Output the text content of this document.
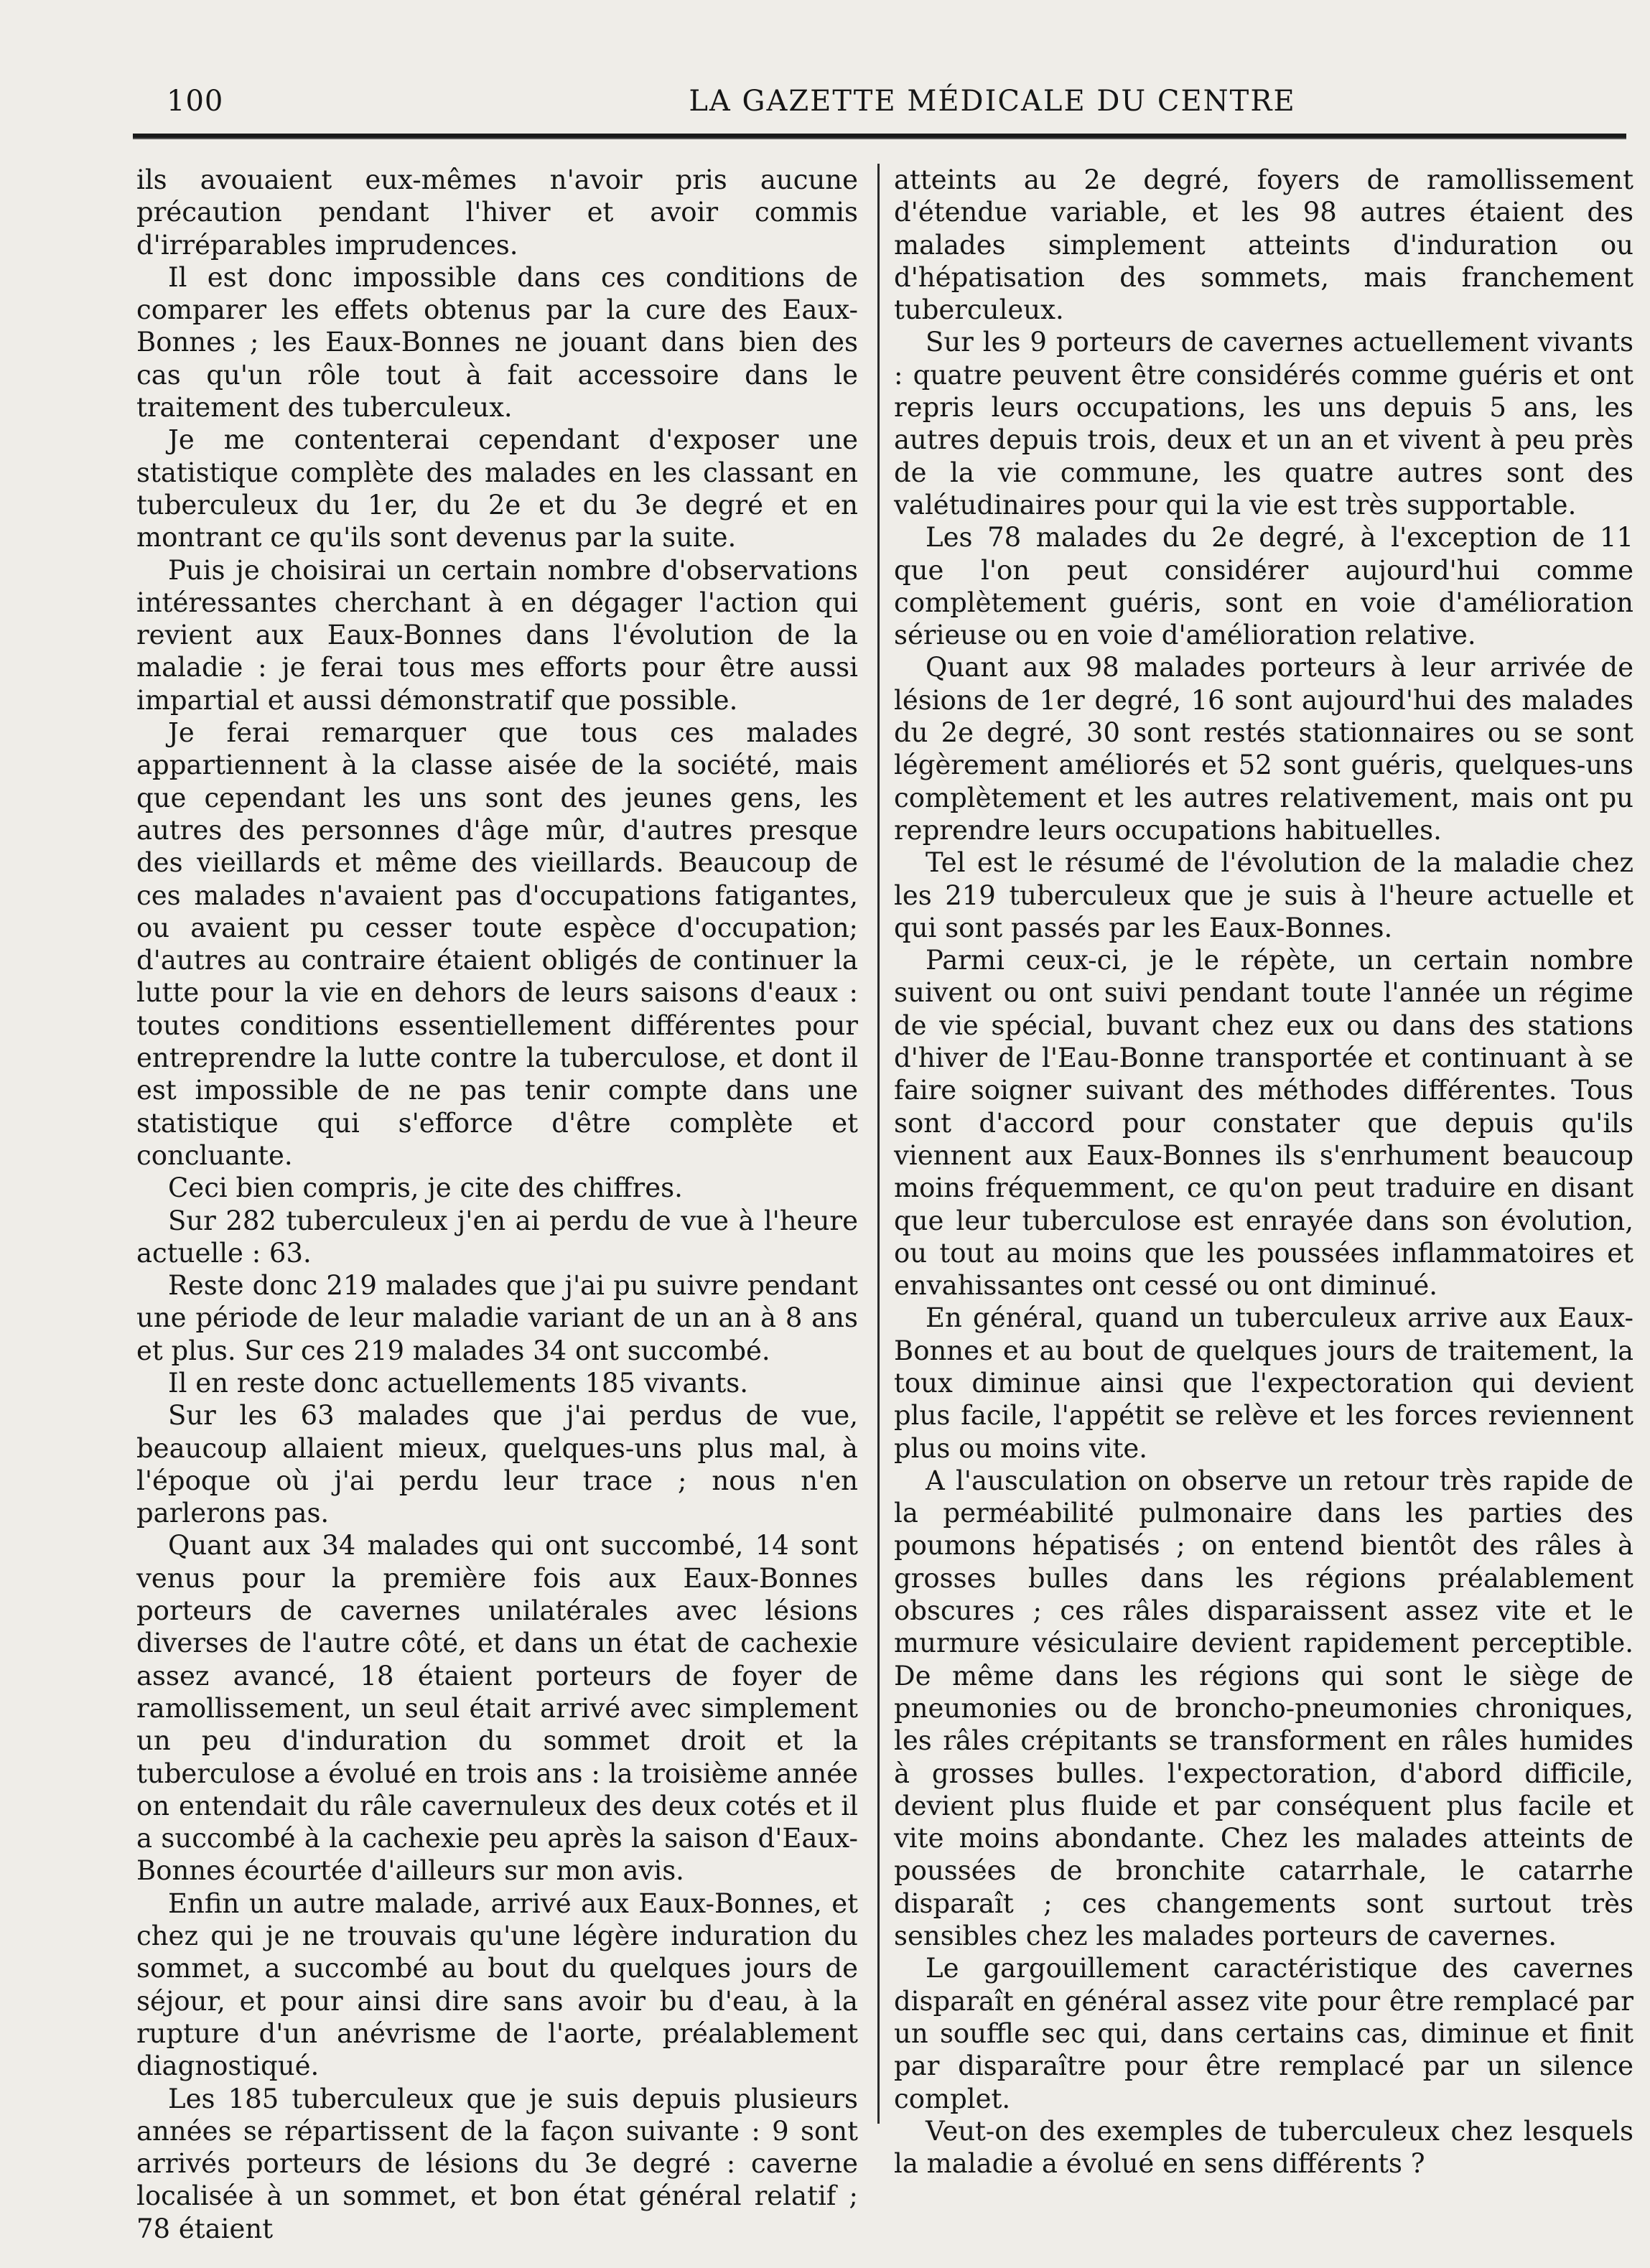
100	LA GAZETTE MÉDICALE DU CENTRE

ils avouaient eux-mêmes n'avoir pris aucune précaution pendant l'hiver et avoir commis d'irréparables imprudences.

Il est donc impossible dans ces conditions de comparer les effets obtenus par la cure des Eaux-Bonnes ; les Eaux-Bonnes ne jouant dans bien des cas qu'un rôle tout à fait accessoire dans le traitement des tuberculeux.

Je me contenterai cependant d'exposer une statistique complète des malades en les classant en tuberculeux du 1er, du 2e et du 3e degré et en montrant ce qu'ils sont devenus par la suite.

Puis je choisirai un certain nombre d'observations intéressantes cherchant à en dégager l'action qui revient aux Eaux-Bonnes dans l'évolution de la maladie : je ferai tous mes efforts pour être aussi impartial et aussi démonstratif que possible.

Je ferai remarquer que tous ces malades appartiennent à la classe aisée de la société, mais que cependant les uns sont des jeunes gens, les autres des personnes d'âge mûr, d'autres presque des vieillards et même des vieillards. Beaucoup de ces malades n'avaient pas d'occupations fatigantes, ou avaient pu cesser toute espèce d'occupation; d'autres au contraire étaient obligés de continuer la lutte pour la vie en dehors de leurs saisons d'eaux : toutes conditions essentiellement différentes pour entreprendre la lutte contre la tuberculose, et dont il est impossible de ne pas tenir compte dans une statistique qui s'efforce d'être complète et concluante.

Ceci bien compris, je cite des chiffres.

Sur 282 tuberculeux j'en ai perdu de vue à l'heure actuelle : 63.

Reste donc 219 malades que j'ai pu suivre pendant une période de leur maladie variant de un an à 8 ans et plus. Sur ces 219 malades 34 ont succombé.

Il en reste donc actuellements 185 vivants.

Sur les 63 malades que j'ai perdus de vue, beaucoup allaient mieux, quelques-uns plus mal, à l'époque où j'ai perdu leur trace ; nous n'en parlerons pas.

Quant aux 34 malades qui ont succombé, 14 sont venus pour la première fois aux Eaux-Bonnes porteurs de cavernes unilatérales avec lésions diverses de l'autre côté, et dans un état de cachexie assez avancé, 18 étaient porteurs de foyer de ramollissement, un seul était arrivé avec simplement un peu d'induration du sommet droit et la tuberculose a évolué en trois ans : la troisième année on entendait du râle cavernuleux des deux cotés et il a succombé à la cachexie peu après la saison d'Eaux-Bonnes écourtée d'ailleurs sur mon avis.

Enfin un autre malade, arrivé aux Eaux-Bonnes, et chez qui je ne trouvais qu'une légère induration du sommet, a succombé au bout du quelques jours de séjour, et pour ainsi dire sans avoir bu d'eau, à la rupture d'un anévrisme de l'aorte, préalablement diagnostiqué.

Les 185 tuberculeux que je suis depuis plusieurs années se répartissent de la façon suivante : 9 sont arrivés porteurs de lésions du 3e degré : caverne localisée à un sommet, et bon état général relatif ; 78 étaient

atteints au 2e degré, foyers de ramollissement d'étendue variable, et les 98 autres étaient des malades simplement atteints d'induration ou d'hépatisation des sommets, mais franchement tuberculeux.

Sur les 9 porteurs de cavernes actuellement vivants : quatre peuvent être considérés comme guéris et ont repris leurs occupations, les uns depuis 5 ans, les autres depuis trois, deux et un an et vivent à peu près de la vie commune, les quatre autres sont des valétudinaires pour qui la vie est très supportable.

Les 78 malades du 2e degré, à l'exception de 11 que l'on peut considérer aujourd'hui comme complètement guéris, sont en voie d'amélioration sérieuse ou en voie d'amélioration relative.

Quant aux 98 malades porteurs à leur arrivée de lésions de 1er degré, 16 sont aujourd'hui des malades du 2e degré, 30 sont restés stationnaires ou se sont légèrement améliorés et 52 sont guéris, quelques-uns complètement et les autres relativement, mais ont pu reprendre leurs occupations habituelles.

Tel est le résumé de l'évolution de la maladie chez les 219 tuberculeux que je suis à l'heure actuelle et qui sont passés par les Eaux-Bonnes.

Parmi ceux-ci, je le répète, un certain nombre suivent ou ont suivi pendant toute l'année un régime de vie spécial, buvant chez eux ou dans des stations d'hiver de l'Eau-Bonne transportée et continuant à se faire soigner suivant des méthodes différentes. Tous sont d'accord pour constater que depuis qu'ils viennent aux Eaux-Bonnes ils s'enrhument beaucoup moins fréquemment, ce qu'on peut traduire en disant que leur tuberculose est enrayée dans son évolution, ou tout au moins que les poussées inflammatoires et envahissantes ont cessé ou ont diminué.

En général, quand un tuberculeux arrive aux Eaux-Bonnes et au bout de quelques jours de traitement, la toux diminue ainsi que l'expectoration qui devient plus facile, l'appétit se relève et les forces reviennent plus ou moins vite.

A l'ausculation on observe un retour très rapide de la perméabilité pulmonaire dans les parties des poumons hépatisés ; on entend bientôt des râles à grosses bulles dans les régions préalablement obscures ; ces râles disparaissent assez vite et le murmure vésiculaire devient rapidement perceptible. De même dans les régions qui sont le siège de pneumonies ou de broncho-pneumonies chroniques, les râles crépitants se transforment en râles humides à grosses bulles. l'expectoration, d'abord difficile, devient plus fluide et par conséquent plus facile et vite moins abondante. Chez les malades atteints de poussées de bronchite catarrhale, le catarrhe disparaît ; ces changements sont surtout très sensibles chez les malades porteurs de cavernes.

Le gargouillement caractéristique des cavernes disparaît en général assez vite pour être remplacé par un souffle sec qui, dans certains cas, diminue et finit par disparaître pour être remplacé par un silence complet.

Veut-on des exemples de tuberculeux chez lesquels la maladie a évolué en sens différents ?
